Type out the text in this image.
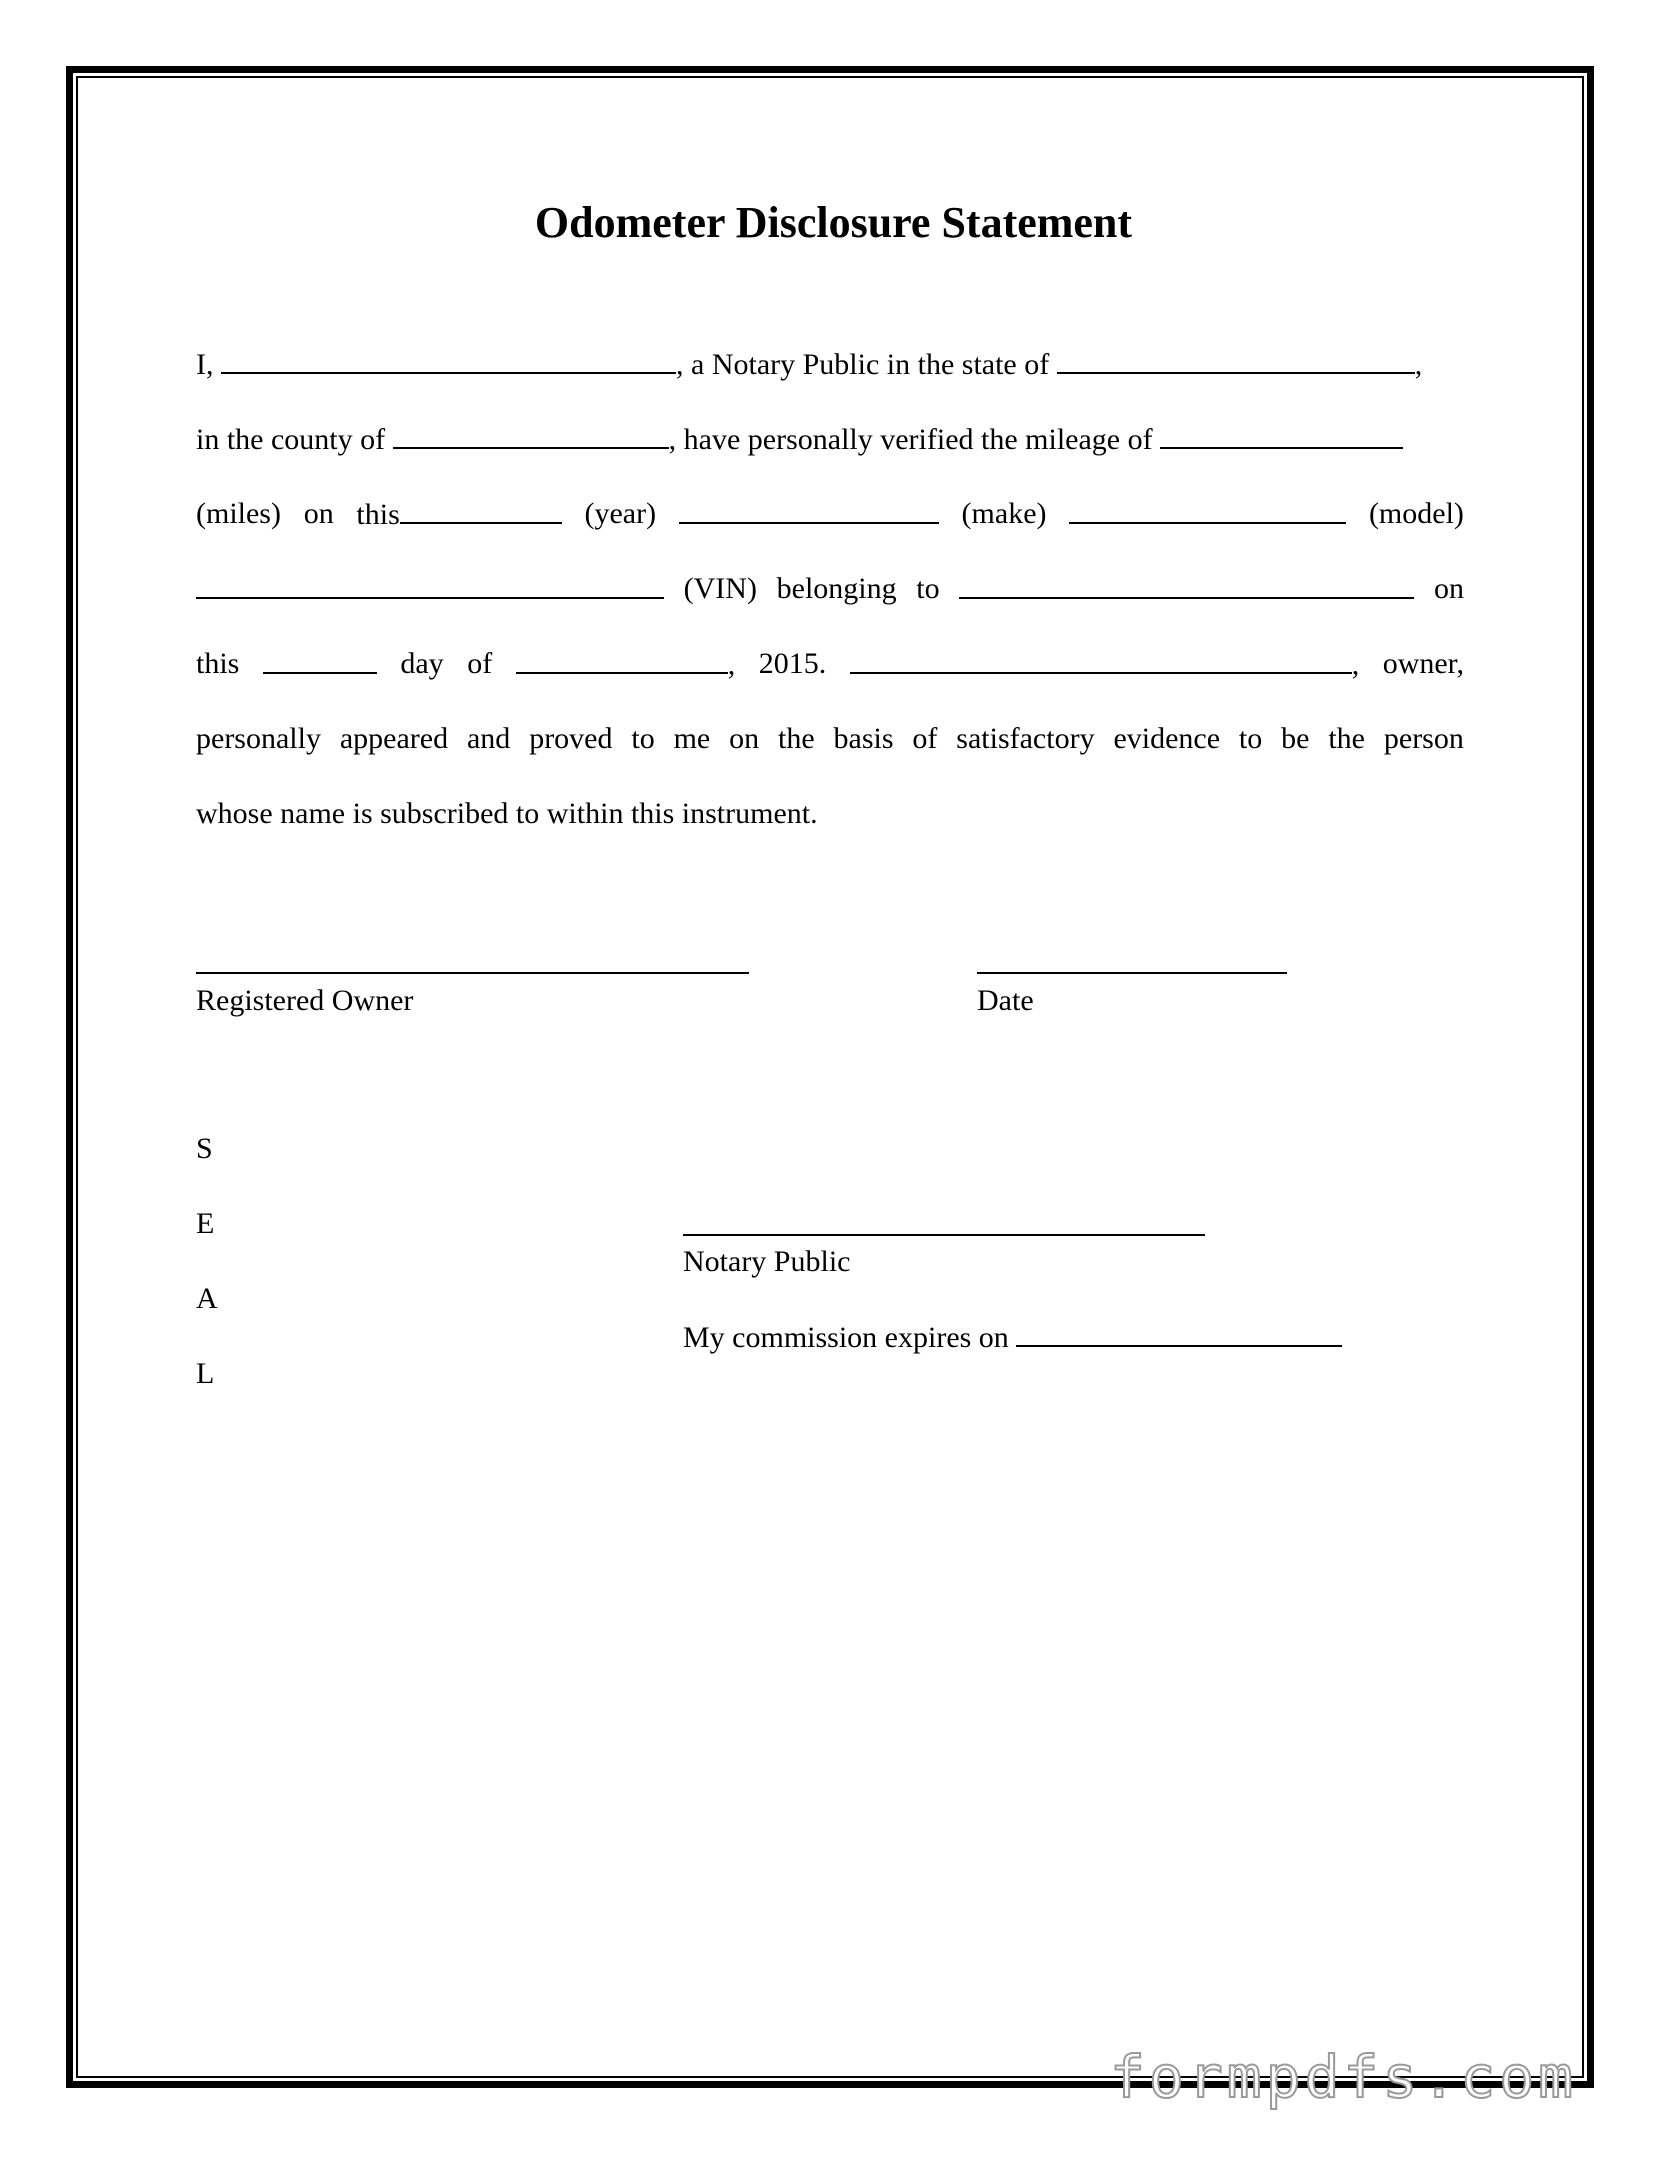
Odometer Disclosure Statement
I,	, a Notary Public in the state of	,
in the county of	, have personally verified the mileage of
(miles) on this	(year)	(make)	(model)
(VIN) belonging to	on
this	day of	, 2015.	, owner,
personally appeared and proved to me on the basis of satisfactory evidence to be the person
whose name is subscribed to within this instrument.
Registered Owner	Date
S
E
A
L
Notary Public
My commission expires on
formpdfs.com
